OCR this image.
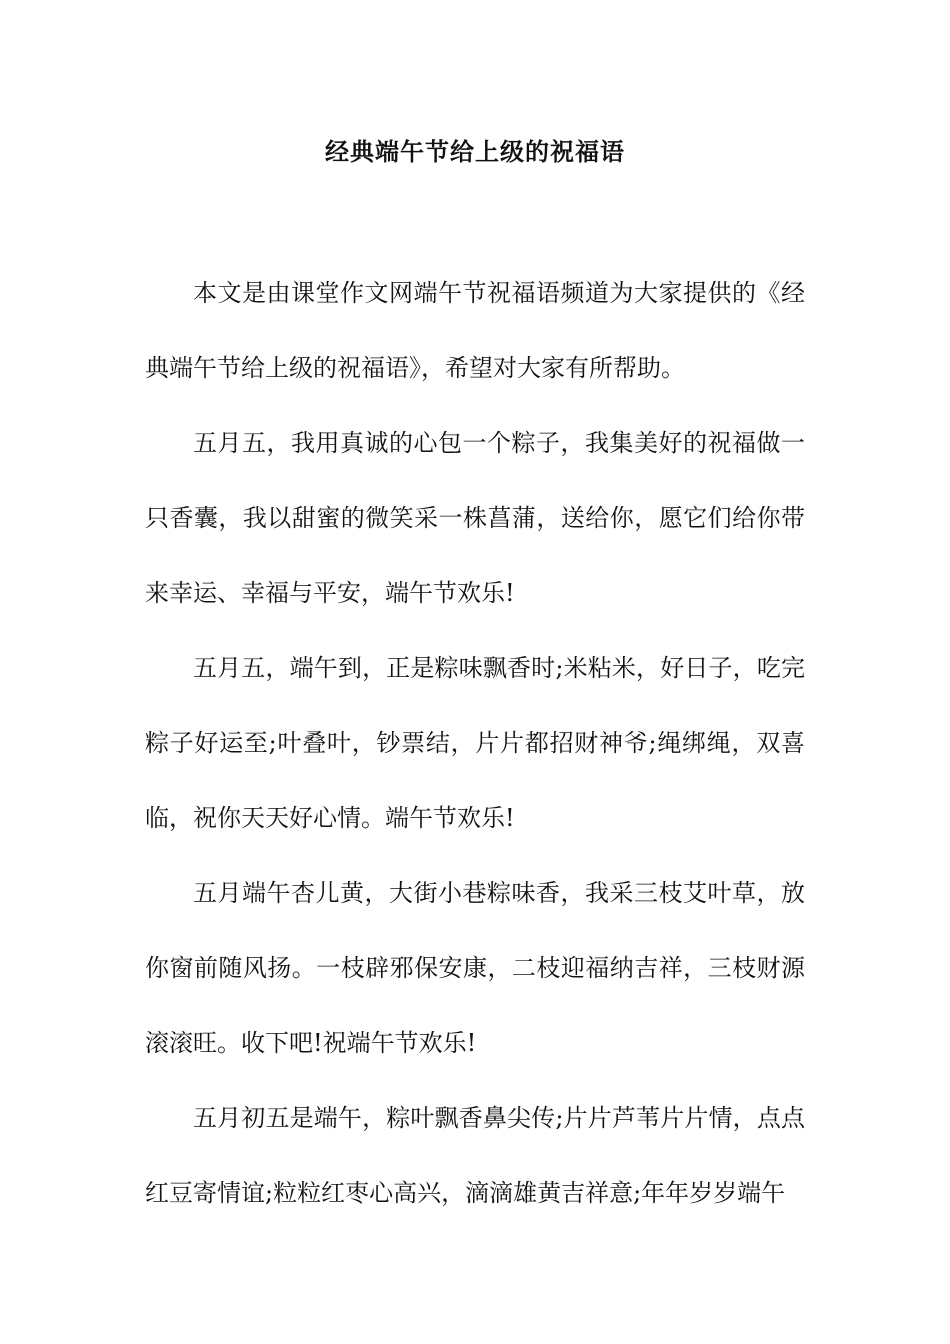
经典端午节给上级的祝福语

本文是由课堂作文网端午节祝福语频道为大家提供的《经典端午节给上级的祝福语》，希望对大家有所帮助。

五月五，我用真诚的心包一个粽子，我集美好的祝福做一只香囊，我以甜蜜的微笑采一株菖蒲，送给你，愿它们给你带来幸运、幸福与平安，端午节欢乐!

五月五，端午到，正是粽味飘香时;米粘米，好日子，吃完粽子好运至;叶叠叶，钞票结，片片都招财神爷;绳绑绳，双喜临，祝你天天好心情。端午节欢乐!

五月端午杏儿黄，大街小巷粽味香，我采三枝艾叶草，放你窗前随风扬。一枝辟邪保安康，二枝迎福纳吉祥，三枝财源滚滚旺。收下吧!祝端午节欢乐!

五月初五是端午，粽叶飘香鼻尖传;片片芦苇片片情，点点红豆寄情谊;粒粒红枣心高兴，滴滴雄黄吉祥意;年年岁岁端午
